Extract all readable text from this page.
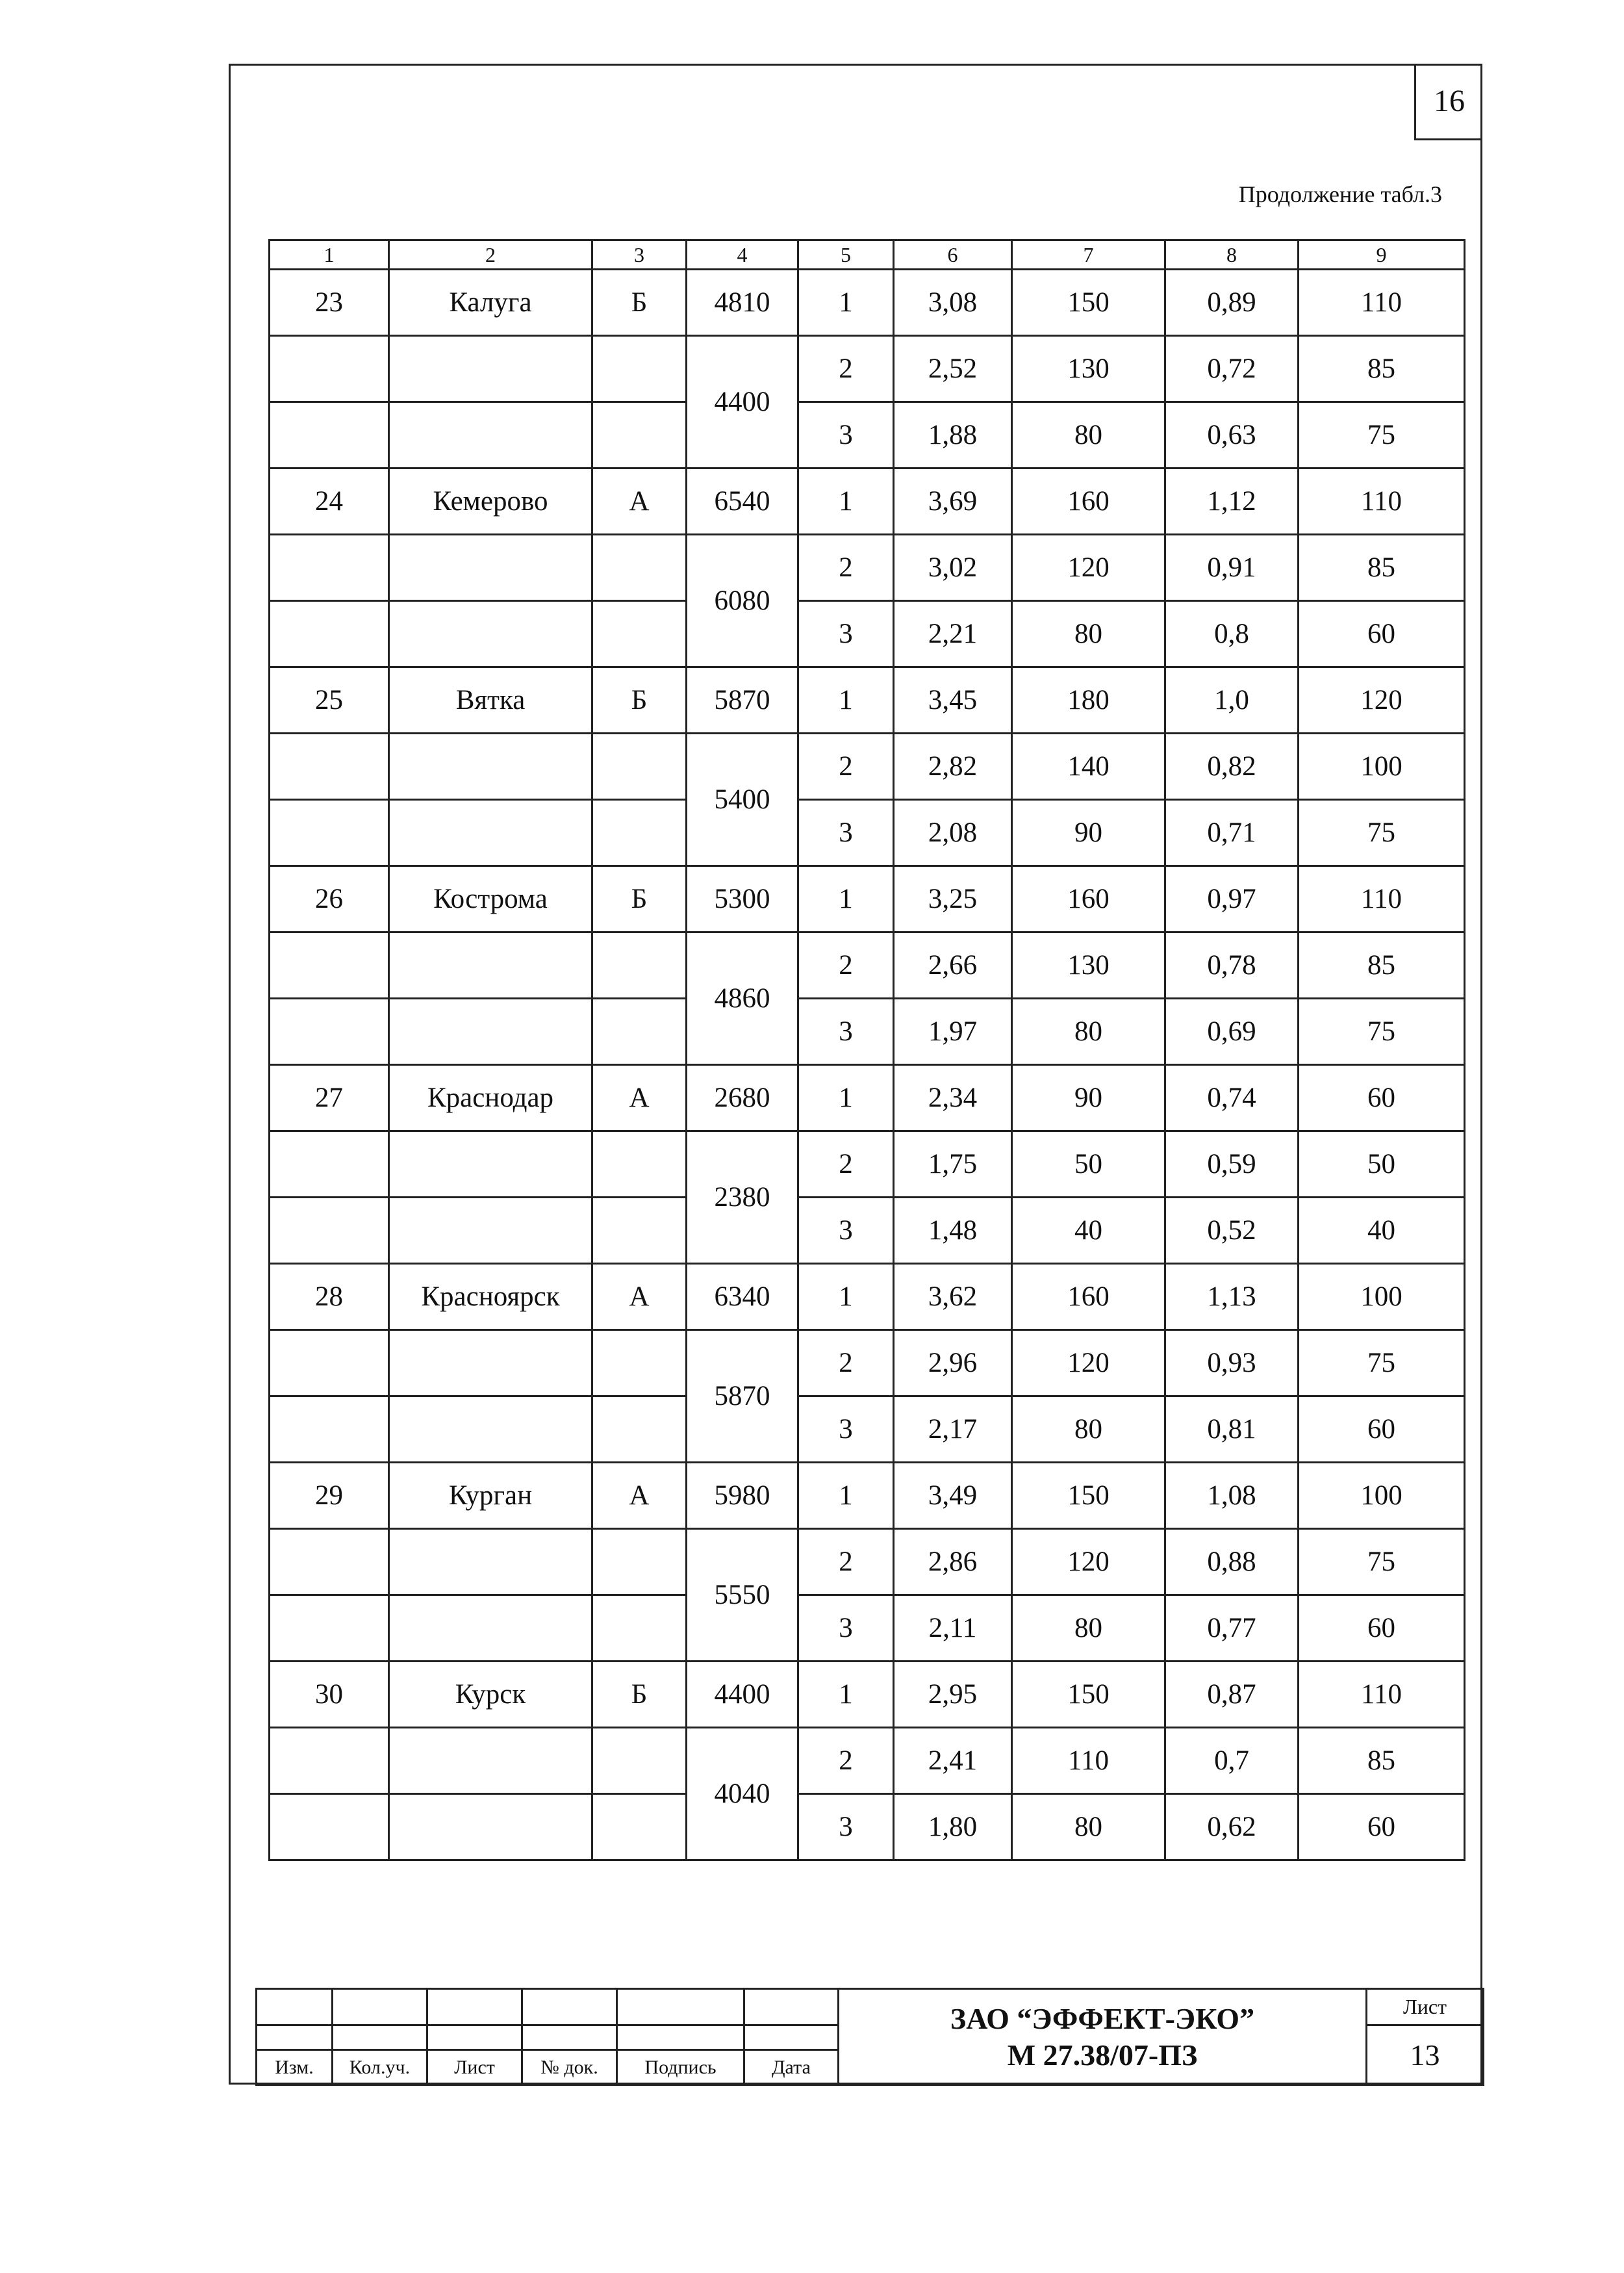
16
Продолжение табл.3
1	2	3	4	5	6	7	8	9
23	Калуга	Б	4810	1	3,08	150	0,89	110
			4400	2	2,52	130	0,72	85
				3	1,88	80	0,63	75
24	Кемерово	А	6540	1	3,69	160	1,12	110
			6080	2	3,02	120	0,91	85
				3	2,21	80	0,8	60
25	Вятка	Б	5870	1	3,45	180	1,0	120
			5400	2	2,82	140	0,82	100
				3	2,08	90	0,71	75
26	Кострома	Б	5300	1	3,25	160	0,97	110
			4860	2	2,66	130	0,78	85
				3	1,97	80	0,69	75
27	Краснодар	А	2680	1	2,34	90	0,74	60
			2380	2	1,75	50	0,59	50
				3	1,48	40	0,52	40
28	Красноярск	А	6340	1	3,62	160	1,13	100
			5870	2	2,96	120	0,93	75
				3	2,17	80	0,81	60
29	Курган	А	5980	1	3,49	150	1,08	100
			5550	2	2,86	120	0,88	75
				3	2,11	80	0,77	60
30	Курск	Б	4400	1	2,95	150	0,87	110
			4040	2	2,41	110	0,7	85
				3	1,80	80	0,62	60

						ЗАО “ЭФФЕКТ-ЭКО”
М 27.38/07-ПЗ	Лист
							13
Изм.	Кол.уч.	Лист	№ док.	Подпись	Дата		
